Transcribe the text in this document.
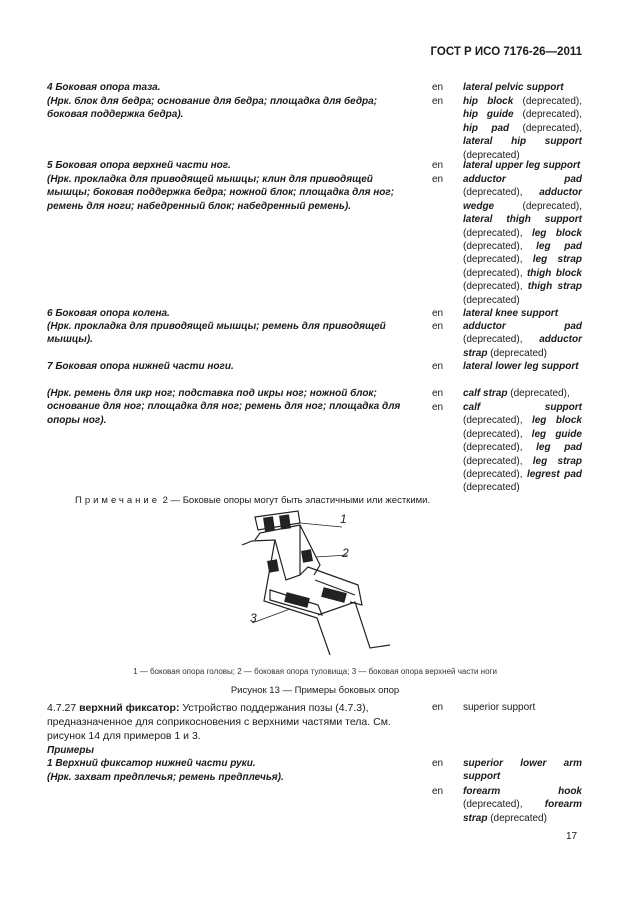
ГОСТ Р ИСО 7176-26—2011
4 Боковая опора таза.	en lateral pelvic support
(Нрк. блок для бедра; основание для бедра; площадка для бедра; боковая поддержка бедра).
en hip block (deprecated), hip guide (deprecated), hip pad (deprecated), lateral hip support (deprecated)
5 Боковая опора верхней части ног.	en lateral upper leg support
(Нрк. прокладка для приводящей мышцы; клин для приводящей мышцы; боковая поддержка бедра; ножной блок; площадка для ног; ремень для ноги; набедренный блок; набедренный ремень).
en adductor pad (deprecated), adductor wedge (deprecated), lateral thigh support (deprecated), leg block (deprecated), leg pad (deprecated), leg strap (deprecated), thigh block (deprecated), thigh strap (deprecated)
6 Боковая опора колена.	en lateral knee support
(Нрк. прокладка для приводящей мышцы; ремень для приводящей мышцы).
en adductor pad (deprecated), adductor strap (deprecated)
7 Боковая опора нижней части ноги.	en lateral lower leg support
(Нрк. ремень для икр ног; подставка под икры ног; ножной блок; основание для ног; площадка для ног; ремень для ног; площадка для опоры ног).
en calf strap (deprecated),
en calf support (deprecated), leg block (deprecated), leg guide (deprecated), leg pad (deprecated), leg strap (deprecated), legrest pad (deprecated)
Примечание 2 — Боковые опоры могут быть эластичными или жесткими.
1
2
3
1 — боковая опора головы; 2 — боковая опора туловища; 3 — боковая опора верхней части ноги
Рисунок 13 — Примеры боковых опор
4.7.27 верхний фиксатор: Устройство поддержания позы (4.7.3), предназначенное для соприкосновения с верхними частями тела. См. рисунок 14 для примеров 1 и 3.
en superior support
Примеры
1 Верхний фиксатор нижней части руки.	en superior lower arm support
(Нрк. захват предплечья; ремень предплечья).
en forearm hook (deprecated), forearm strap (deprecated)
17
